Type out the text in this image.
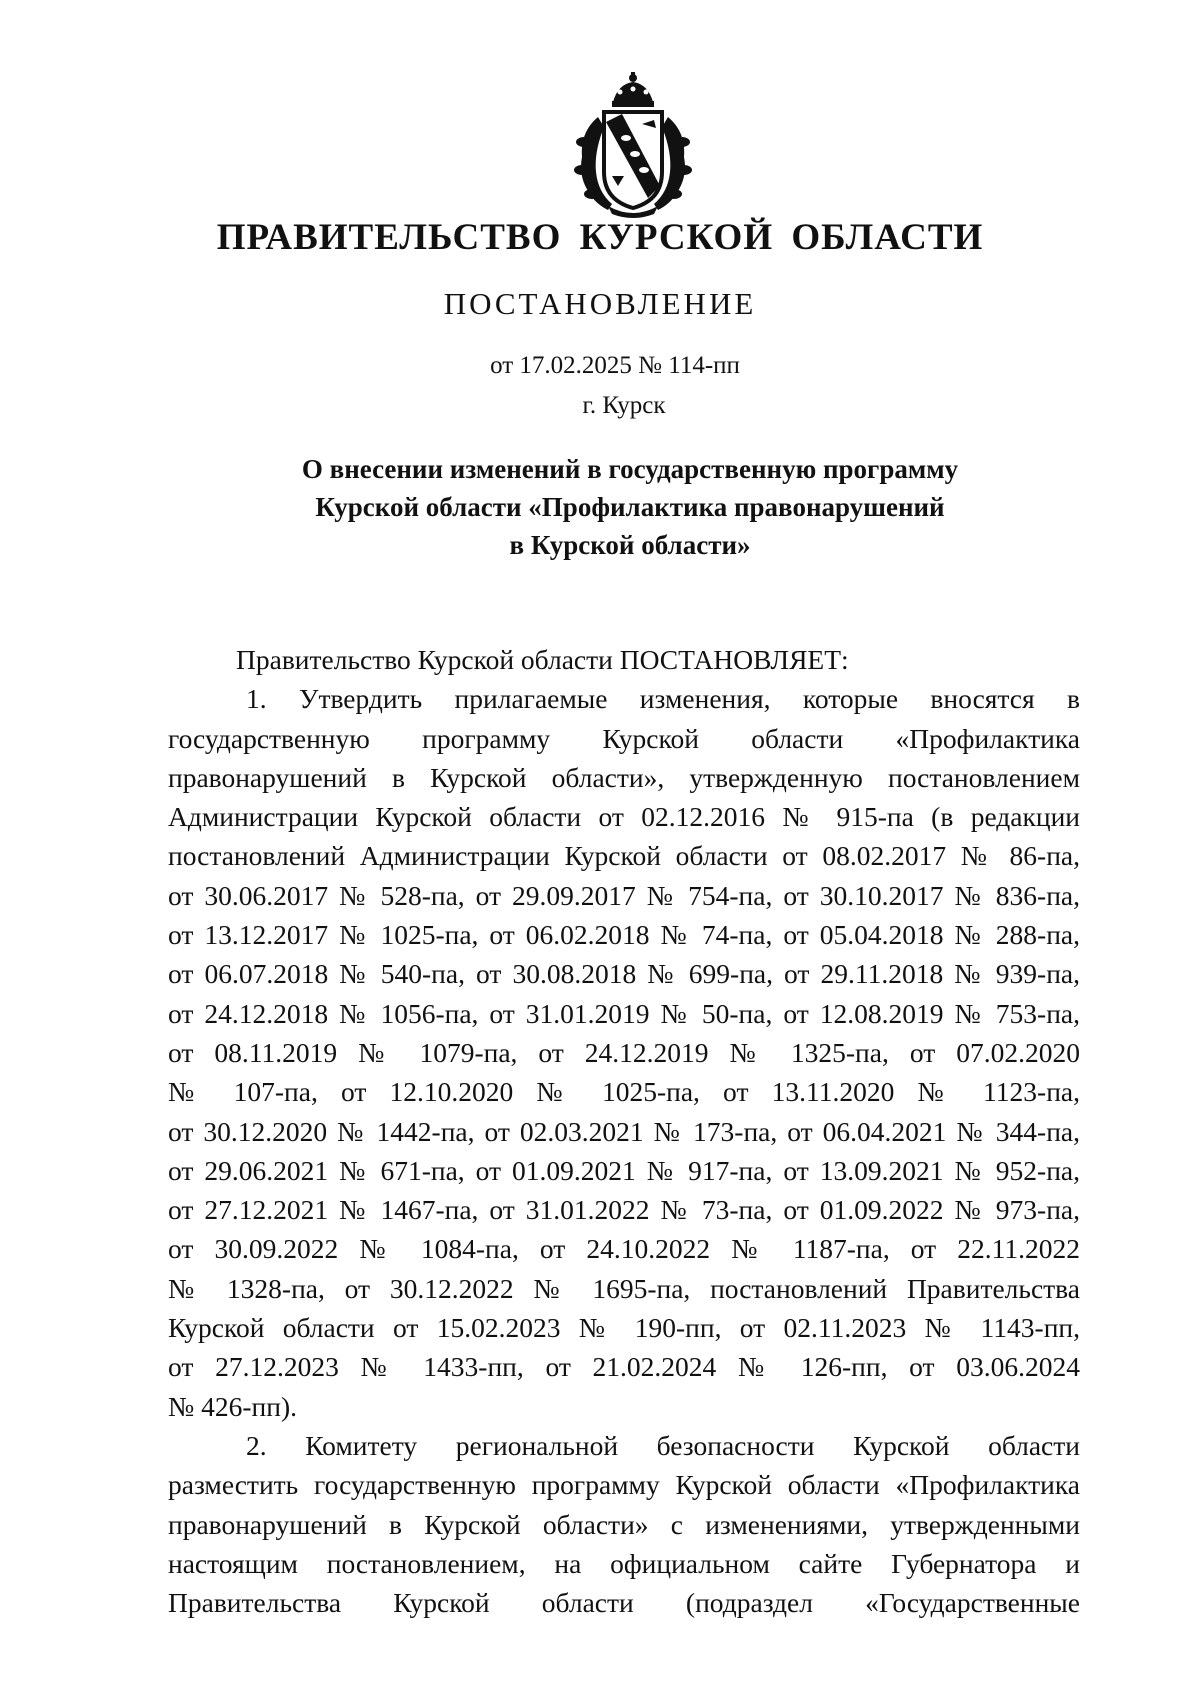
ПРАВИТЕЛЬСТВО КУРСКОЙ ОБЛАСТИ
ПОСТАНОВЛЕНИЕ
от 17.02.2025 № 114-пп
г. Курск
О внесении изменений в государственную программу
Курской области «Профилактика правонарушений
в Курской области»
Правительство Курской области ПОСТАНОВЛЯЕТ:
1. Утвердить прилагаемые изменения, которые вносятся в
государственную программу Курской области «Профилактика
правонарушений в Курской области», утвержденную постановлением
Администрации Курской области от 02.12.2016 № 915-па (в редакции
постановлений Администрации Курской области от 08.02.2017 № 86-па,
от 30.06.2017 № 528-па, от 29.09.2017 № 754-па, от 30.10.2017 № 836-па,
от 13.12.2017 № 1025-па, от 06.02.2018 № 74-па, от 05.04.2018 № 288-па,
от 06.07.2018 № 540-па, от 30.08.2018 № 699-па, от 29.11.2018 № 939-па,
от 24.12.2018 № 1056-па, от 31.01.2019 № 50-па, от 12.08.2019 № 753-па,
от 08.11.2019 № 1079-па, от 24.12.2019 № 1325-па, от 07.02.2020
№ 107-па, от 12.10.2020 № 1025-па, от 13.11.2020 № 1123-па,
от 30.12.2020 № 1442-па, от 02.03.2021 № 173-па, от 06.04.2021 № 344-па,
от 29.06.2021 № 671-па, от 01.09.2021 № 917-па, от 13.09.2021 № 952-па,
от 27.12.2021 № 1467-па, от 31.01.2022 № 73-па, от 01.09.2022 № 973-па,
от 30.09.2022 № 1084-па, от 24.10.2022 № 1187-па, от 22.11.2022
№ 1328-па, от 30.12.2022 № 1695-па, постановлений Правительства
Курской области от 15.02.2023 № 190-пп, от 02.11.2023 № 1143-пп,
от 27.12.2023 № 1433-пп, от 21.02.2024 № 126-пп, от 03.06.2024
№ 426-пп).
2. Комитету региональной безопасности Курской области
разместить государственную программу Курской области «Профилактика
правонарушений в Курской области» с изменениями, утвержденными
настоящим постановлением, на официальном сайте Губернатора и
Правительства Курской области (подраздел «Государственные
